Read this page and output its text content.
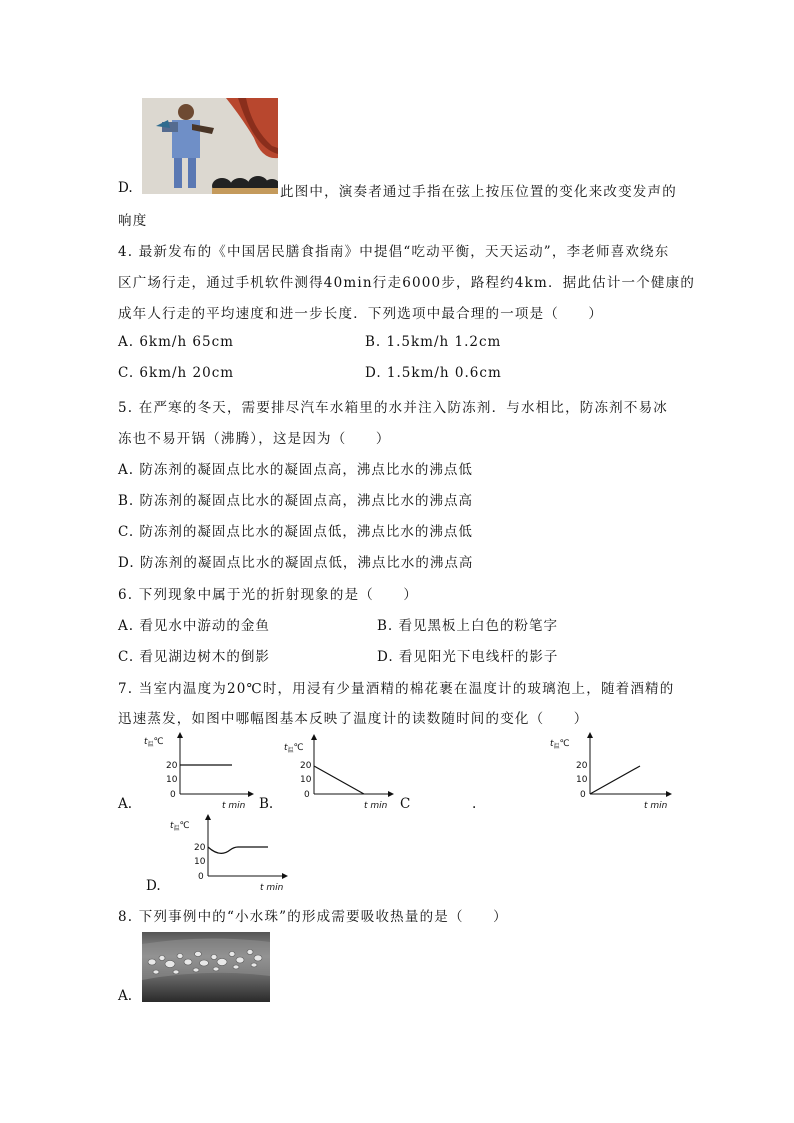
D.	此图中，演奏者通过手指在弦上按压位置的变化来改变发声的
响度
4. 最新发布的《中国居民膳食指南》中提倡“吃动平衡，天天运动”，李老师喜欢绕东
区广场行走，通过手机软件测得40min行走6000步，路程约4km．据此估计一个健康的
成年人行走的平均速度和进一步长度．下列选项中最合理的一项是（　　）
A. 6km/h 65cm	B. 1.5km/h 1.2cm
C. 6km/h 20cm	D. 1.5km/h 0.6cm
5. 在严寒的冬天，需要排尽汽车水箱里的水并注入防冻剂．与水相比，防冻剂不易冰
冻也不易开锅（沸腾），这是因为（　　）
A. 防冻剂的凝固点比水的凝固点高，沸点比水的沸点低
B. 防冻剂的凝固点比水的凝固点高，沸点比水的沸点高
C. 防冻剂的凝固点比水的凝固点低，沸点比水的沸点低
D. 防冻剂的凝固点比水的凝固点低，沸点比水的沸点高
6. 下列现象中属于光的折射现象的是（　　）
A. 看见水中游动的金鱼	B. 看见黑板上白色的粉笔字
C. 看见湖边树木的倒影	D. 看见阳光下电线杆的影子
7. 当室内温度为20℃时，用浸有少量酒精的棉花裹在温度计的玻璃泡上，随着酒精的
迅速蒸发，如图中哪幅图基本反映了温度计的读数随时间的变化（　　）
A.	B.	C	.
D.
$t_温℃$
20
10
0
t min
$t_温℃$
20
10
0
t min
$t_温℃$
20
10
0
t min
$t_温℃$
20
10
0
t min
8. 下列事例中的“小水珠”的形成需要吸收热量的是（　　）
A.
